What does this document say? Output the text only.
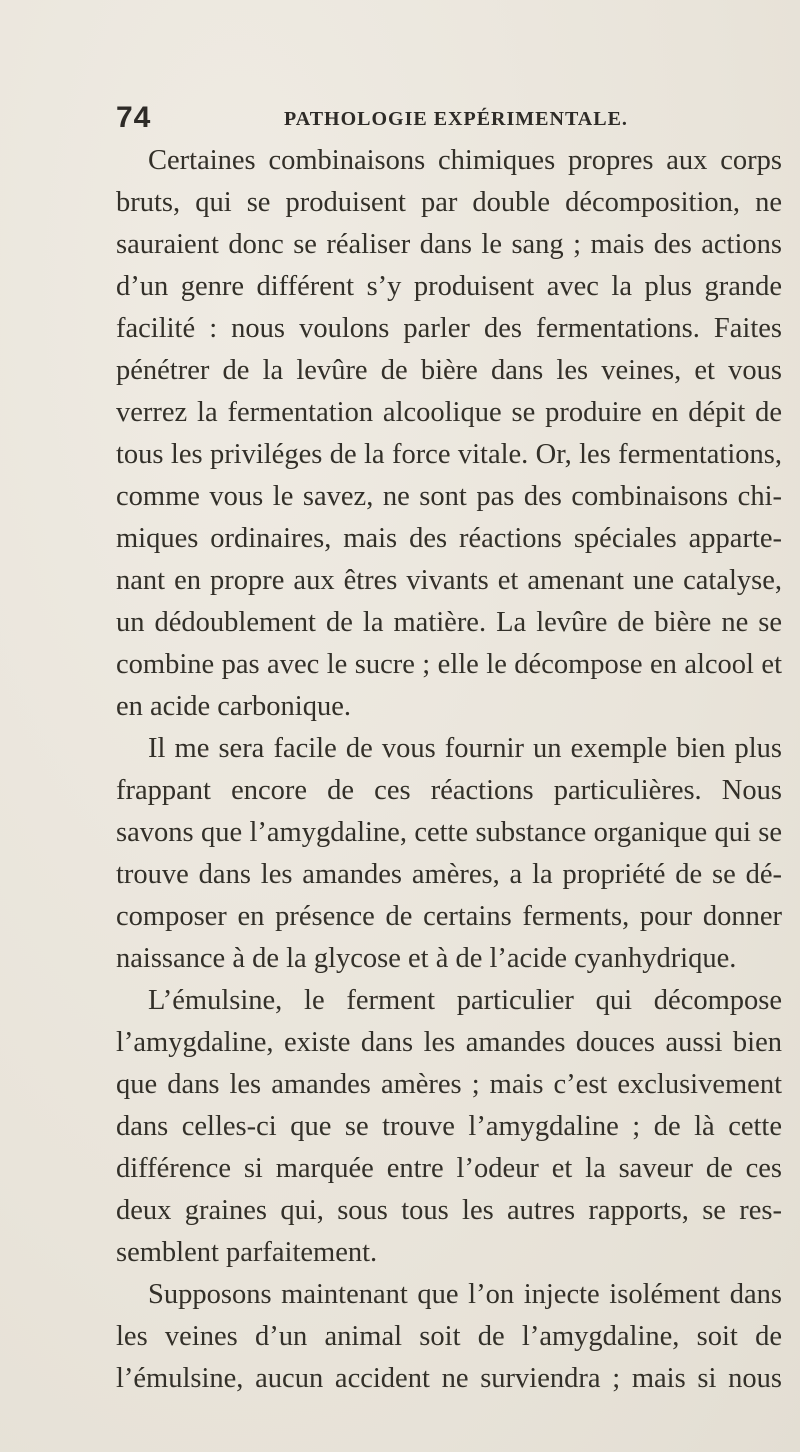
74	PATHOLOGIE EXPÉRIMENTALE.
Certaines combinaisons chimiques propres aux corps
bruts, qui se produisent par double décomposition, ne
sauraient donc se réaliser dans le sang ; mais des actions
d’un genre différent s’y produisent avec la plus grande
facilité : nous voulons parler des fermentations. Faites
pénétrer de la levûre de bière dans les veines, et vous
verrez la fermentation alcoolique se produire en dépit de
tous les priviléges de la force vitale. Or, les fermentations,
comme vous le savez, ne sont pas des combinaisons chi-
miques ordinaires, mais des réactions spéciales apparte-
nant en propre aux êtres vivants et amenant une catalyse,
un dédoublement de la matière. La levûre de bière ne se
combine pas avec le sucre ; elle le décompose en alcool et
en acide carbonique.
Il me sera facile de vous fournir un exemple bien plus
frappant encore de ces réactions particulières. Nous
savons que l’amygdaline, cette substance organique qui se
trouve dans les amandes amères, a la propriété de se dé-
composer en présence de certains ferments, pour donner
naissance à de la glycose et à de l’acide cyanhydrique.
L’émulsine, le ferment particulier qui décompose
l’amygdaline, existe dans les amandes douces aussi bien
que dans les amandes amères ; mais c’est exclusivement
dans celles-ci que se trouve l’amygdaline ; de là cette
différence si marquée entre l’odeur et la saveur de ces
deux graines qui, sous tous les autres rapports, se res-
semblent parfaitement.
Supposons maintenant que l’on injecte isolément dans
les veines d’un animal soit de l’amygdaline, soit de
l’émulsine, aucun accident ne surviendra ; mais si nous
